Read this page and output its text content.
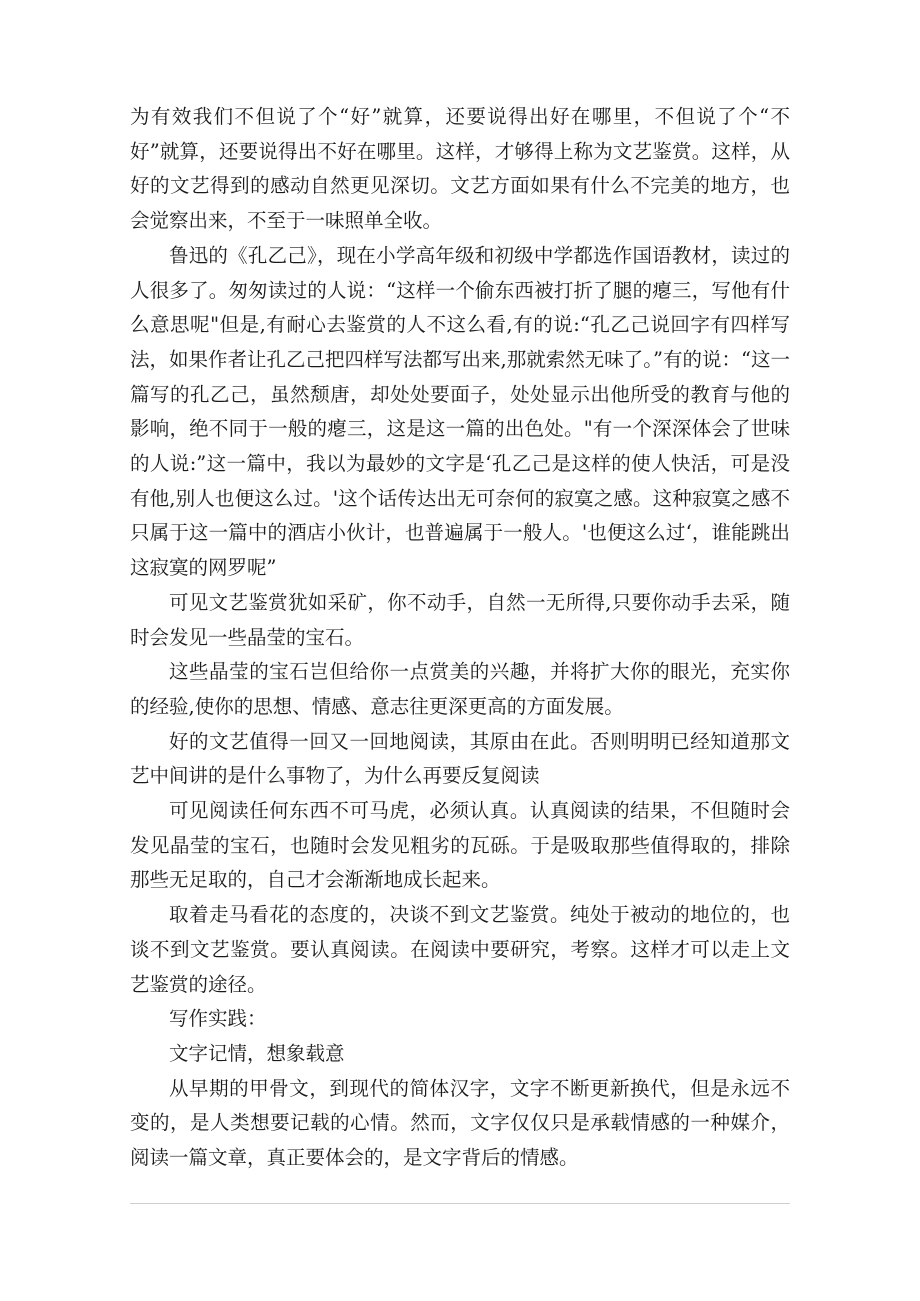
为有效我们不但说了个“好”就算，还要说得出好在哪里，不但说了个“不好”就算，还要说得出不好在哪里。这样，才够得上称为文艺鉴赏。这样，从好的文艺得到的感动自然更见深切。文艺方面如果有什么不完美的地方，也会觉察出来，不至于一味照单全收。

鲁迅的《孔乙己》，现在小学高年级和初级中学都选作国语教材，读过的人很多了。匆匆读过的人说：“这样一个偷东西被打折了腿的瘪三，写他有什么意思呢"但是,有耐心去鉴赏的人不这么看,有的说:“孔乙己说回字有四样写法，如果作者让孔乙己把四样写法都写出来,那就索然无味了。”有的说：“这一篇写的孔乙己，虽然颓唐，却处处要面子，处处显示出他所受的教育与他的影响，绝不同于一般的瘪三，这是这一篇的出色处。"有一个深深体会了世味的人说:”这一篇中，我以为最妙的文字是‘孔乙己是这样的使人快活，可是没有他,别人也便这么过。'这个话传达出无可奈何的寂寞之感。这种寂寞之感不只属于这一篇中的酒店小伙计，也普遍属于一般人。'也便这么过‘，谁能跳出这寂寞的网罗呢”

可见文艺鉴赏犹如采矿，你不动手，自然一无所得,只要你动手去采，随时会发见一些晶莹的宝石。

这些晶莹的宝石岂但给你一点赏美的兴趣，并将扩大你的眼光，充实你的经验,使你的思想、情感、意志往更深更高的方面发展。

好的文艺值得一回又一回地阅读，其原由在此。否则明明已经知道那文艺中间讲的是什么事物了，为什么再要反复阅读

可见阅读任何东西不可马虎，必须认真。认真阅读的结果，不但随时会发见晶莹的宝石，也随时会发见粗劣的瓦砾。于是吸取那些值得取的，排除那些无足取的，自己才会渐渐地成长起来。

取着走马看花的态度的，决谈不到文艺鉴赏。纯处于被动的地位的，也谈不到文艺鉴赏。要认真阅读。在阅读中要研究，考察。这样才可以走上文艺鉴赏的途径。

写作实践：

文字记情，想象载意

从早期的甲骨文，到现代的简体汉字，文字不断更新换代，但是永远不变的，是人类想要记载的心情。然而，文字仅仅只是承载情感的一种媒介，阅读一篇文章，真正要体会的，是文字背后的情感。
